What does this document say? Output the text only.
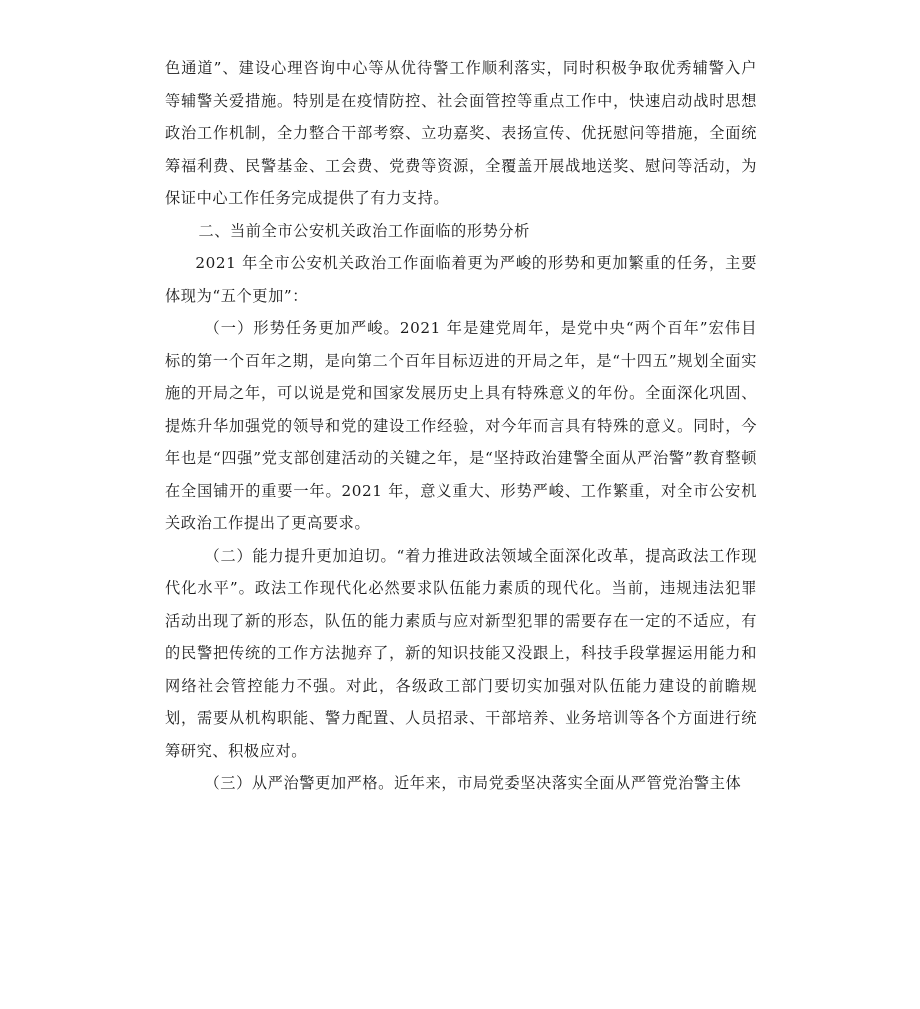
色通道”、建设心理咨询中心等从优待警工作顺利落实，同时积极争取优秀辅警入户等辅警关爱措施。特别是在疫情防控、社会面管控等重点工作中，快速启动战时思想政治工作机制，全力整合干部考察、立功嘉奖、表扬宣传、优抚慰问等措施，全面统筹福利费、民警基金、工会费、党费等资源，全覆盖开展战地送奖、慰问等活动，为保证中心工作任务完成提供了有力支持。

二、当前全市公安机关政治工作面临的形势分析

2021 年全市公安机关政治工作面临着更为严峻的形势和更加繁重的任务，主要体现为“五个更加”：

（一）形势任务更加严峻。2021 年是建党周年，是党中央“两个百年”宏伟目标的第一个百年之期，是向第二个百年目标迈进的开局之年，是“十四五”规划全面实施的开局之年，可以说是党和国家发展历史上具有特殊意义的年份。全面深化巩固、提炼升华加强党的领导和党的建设工作经验，对今年而言具有特殊的意义。同时，今年也是“四强”党支部创建活动的关键之年，是“坚持政治建警全面从严治警”教育整顿在全国铺开的重要一年。2021 年，意义重大、形势严峻、工作繁重，对全市公安机关政治工作提出了更高要求。

（二）能力提升更加迫切。“着力推进政法领域全面深化改革，提高政法工作现代化水平”。政法工作现代化必然要求队伍能力素质的现代化。当前，违规违法犯罪活动出现了新的形态，队伍的能力素质与应对新型犯罪的需要存在一定的不适应，有的民警把传统的工作方法抛弃了，新的知识技能又没跟上，科技手段掌握运用能力和网络社会管控能力不强。对此，各级政工部门要切实加强对队伍能力建设的前瞻规划，需要从机构职能、警力配置、人员招录、干部培养、业务培训等各个方面进行统筹研究、积极应对。

（三）从严治警更加严格。近年来，市局党委坚决落实全面从严管党治警主体
